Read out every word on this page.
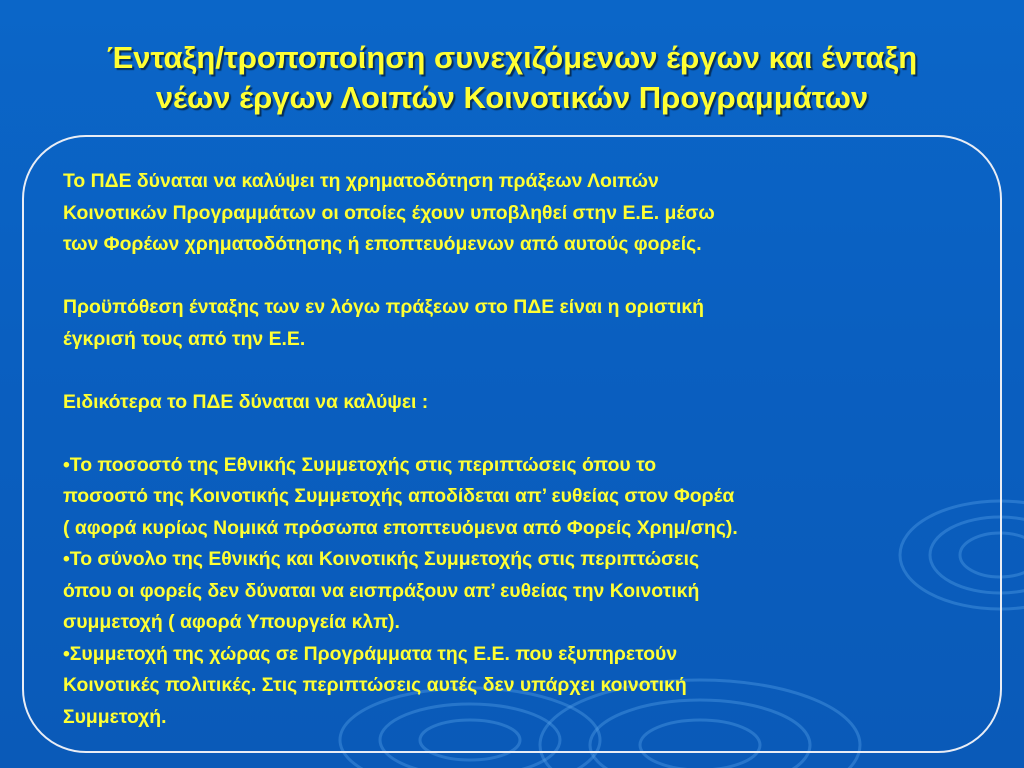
Ένταξη/τροποποίηση συνεχιζόμενων έργων και ένταξη
νέων έργων Λοιπών Κοινοτικών Προγραμμάτων

Το ΠΔΕ δύναται να καλύψει τη χρηματοδότηση πράξεων Λοιπών
Κοινοτικών Προγραμμάτων οι οποίες έχουν υποβληθεί στην Ε.Ε. μέσω
των Φορέων χρηματοδότησης ή εποπτευόμενων από αυτούς φορείς.

Προϋπόθεση ένταξης των εν λόγω πράξεων στο ΠΔΕ είναι η οριστική
έγκρισή τους από την Ε.Ε.

Ειδικότερα το ΠΔΕ δύναται να καλύψει :

•Το ποσοστό της Εθνικής Συμμετοχής στις περιπτώσεις όπου το
ποσοστό της Κοινοτικής Συμμετοχής αποδίδεται απ’ ευθείας στον Φορέα
( αφορά κυρίως Νομικά πρόσωπα εποπτευόμενα από Φορείς Χρημ/σης).

•Το σύνολο της Εθνικής και Κοινοτικής Συμμετοχής στις περιπτώσεις
όπου οι φορείς δεν δύναται να εισπράξουν απ’ ευθείας την Κοινοτική
συμμετοχή ( αφορά Υπουργεία κλπ).

•Συμμετοχή της χώρας σε Προγράμματα της Ε.Ε. που εξυπηρετούν
Κοινοτικές πολιτικές. Στις περιπτώσεις αυτές δεν υπάρχει κοινοτική
Συμμετοχή.
